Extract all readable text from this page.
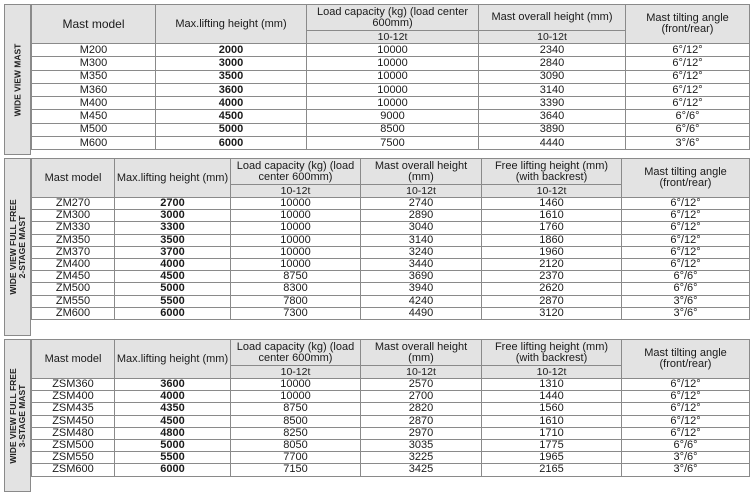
WIDE VIEW MAST
Mast model	Max.lifting height (mm)	Load capacity (kg) (load center 600mm)	Mast overall height (mm)	Mast tilting angle (front/rear)
		10-12t	10-12t	
M200	2000	10000	2340	6°/12°
M300	3000	10000	2840	6°/12°
M350	3500	10000	3090	6°/12°
M360	3600	10000	3140	6°/12°
M400	4000	10000	3390	6°/12°
M450	4500	9000	3640	6°/6°
M500	5000	8500	3890	6°/6°
M600	6000	7500	4440	3°/6°
WIDE VIEW FULL FREE
2-STAGE MAST
Mast model	Max.lifting height (mm)	Load capacity (kg) (load center 600mm)	Mast overall height (mm)	Free lifting height (mm) (with backrest)	Mast tilting angle (front/rear)
		10-12t	10-12t	10-12t	
ZM270	2700	10000	2740	1460	6°/12°
ZM300	3000	10000	2890	1610	6°/12°
ZM330	3300	10000	3040	1760	6°/12°
ZM350	3500	10000	3140	1860	6°/12°
ZM370	3700	10000	3240	1960	6°/12°
ZM400	4000	10000	3440	2120	6°/12°
ZM450	4500	8750	3690	2370	6°/6°
ZM500	5000	8300	3940	2620	6°/6°
ZM550	5500	7800	4240	2870	3°/6°
ZM600	6000	7300	4490	3120	3°/6°
WIDE VIEW FULL FREE
3-STAGE MAST
Mast model	Max.lifting height (mm)	Load capacity (kg) (load center 600mm)	Mast overall height (mm)	Free lifting height (mm) (with backrest)	Mast tilting angle (front/rear)
		10-12t	10-12t	10-12t	
ZSM360	3600	10000	2570	1310	6°/12°
ZSM400	4000	10000	2700	1440	6°/12°
ZSM435	4350	8750	2820	1560	6°/12°
ZSM450	4500	8500	2870	1610	6°/12°
ZSM480	4800	8250	2970	1710	6°/12°
ZSM500	5000	8050	3035	1775	6°/6°
ZSM550	5500	7700	3225	1965	3°/6°
ZSM600	6000	7150	3425	2165	3°/6°
